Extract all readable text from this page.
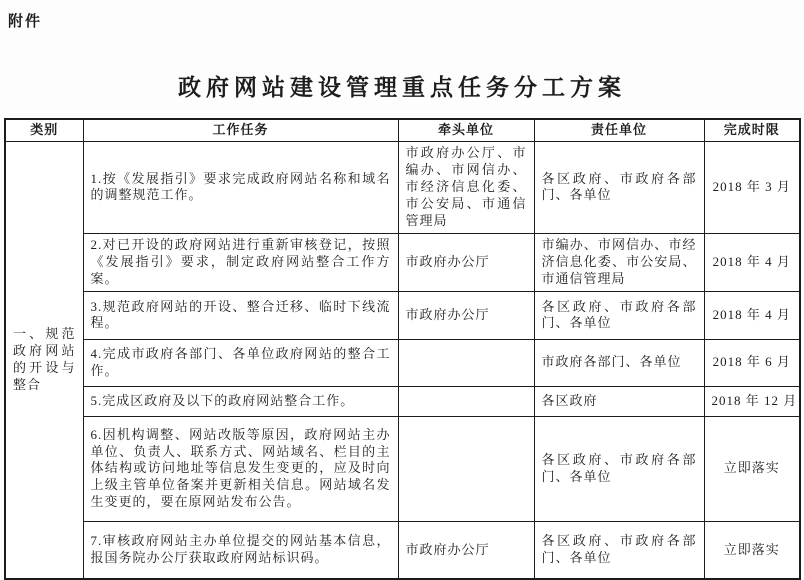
附件
政府网站建设管理重点任务分工方案
类别	工作任务	牵头单位	责任单位	完成时限
一、规范政府网站的开设与整合	1.按《发展指引》要求完成政府网站名称和域名的调整规范工作。	市政府办公厅、市编办、市网信办、市经济信息化委、市公安局、市通信管理局	各区政府、市政府各部门、各单位	2018 年 3 月
	2.对已开设的政府网站进行重新审核登记，按照《发展指引》要求，制定政府网站整合工作方案。	市政府办公厅	市编办、市网信办、市经济信息化委、市公安局、市通信管理局	2018 年 4 月
	3.规范政府网站的开设、整合迁移、临时下线流程。	市政府办公厅	各区政府、市政府各部门、各单位	2018 年 4 月
	4.完成市政府各部门、各单位政府网站的整合工作。		市政府各部门、各单位	2018 年 6 月
	5.完成区政府及以下的政府网站整合工作。		各区政府	2018 年 12 月
	6.因机构调整、网站改版等原因，政府网站主办单位、负责人、联系方式、网站域名、栏目的主体结构或访问地址等信息发生变更的，应及时向上级主管单位备案并更新相关信息。网站域名发生变更的，要在原网站发布公告。		各区政府、市政府各部门、各单位	立即落实
	7.审核政府网站主办单位提交的网站基本信息，报国务院办公厅获取政府网站标识码。	市政府办公厅	各区政府、市政府各部门、各单位	立即落实
